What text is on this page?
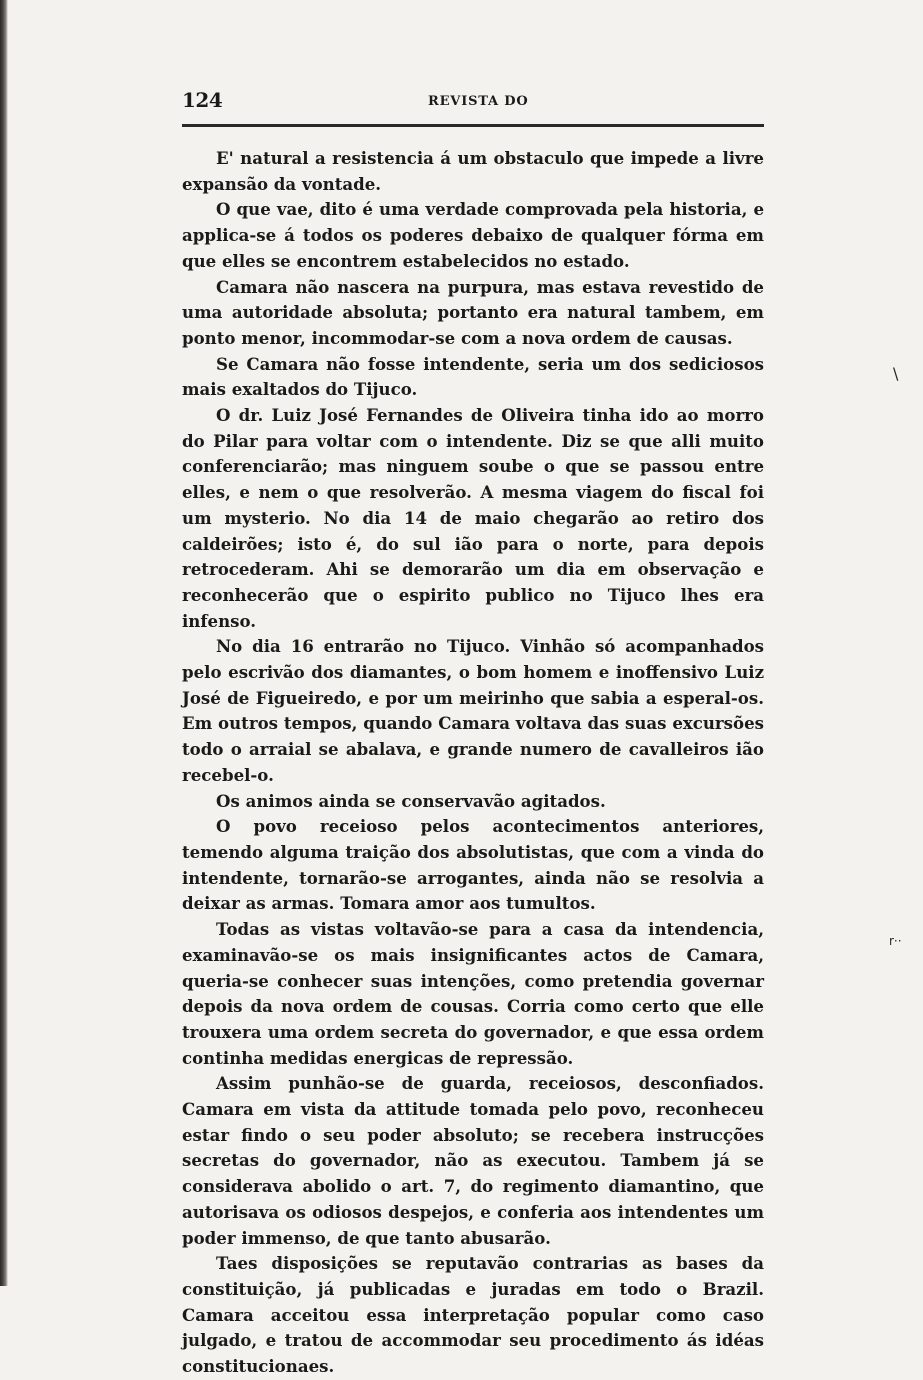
124	REVISTA DO

E' natural a resistencia á um obstaculo que impede a livre expansão da vontade.

O que vae, dito é uma verdade comprovada pela historia, e applica-se á todos os poderes debaixo de qualquer fórma em que elles se encontrem estabelecidos no estado.

Camara não nascera na purpura, mas estava revestido de uma autoridade absoluta; portanto era natural tambem, em ponto menor, incommodar-se com a nova ordem de causas.

Se Camara não fosse intendente, seria um dos sediciosos mais exaltados do Tijuco.

O dr. Luiz José Fernandes de Oliveira tinha ido ao morro do Pilar para voltar com o intendente. Diz se que alli muito conferenciarão; mas ninguem soube o que se passou entre elles, e nem o que resolverão. A mesma viagem do fiscal foi um mysterio. No dia 14 de maio chegarão ao retiro dos caldeirões; isto é, do sul ião para o norte, para depois retrocederam. Ahi se demorarão um dia em observação e reconhecerão que o espirito publico no Tijuco lhes era infenso.

No dia 16 entrarão no Tijuco. Vinhão só acompanhados pelo escrivão dos diamantes, o bom homem e inoffensivo Luiz José de Figueiredo, e por um meirinho que sabia a esperal-os. Em outros tempos, quando Camara voltava das suas excursões todo o arraial se abalava, e grande numero de cavalleiros ião recebel-o.

Os animos ainda se conservavão agitados.

O povo receioso pelos acontecimentos anteriores, temendo alguma traição dos absolutistas, que com a vinda do intendente, tornarão-se arrogantes, ainda não se resolvia a deixar as armas. Tomara amor aos tumultos.

Todas as vistas voltavão-se para a casa da intendencia, examinavão-se os mais insignificantes actos de Camara, queria-se conhecer suas intenções, como pretendia governar depois da nova ordem de cousas. Corria como certo que elle trouxera uma ordem secreta do governador, e que essa ordem continha medidas energicas de repressão.

Assim punhão-se de guarda, receiosos, desconfiados. Camara em vista da attitude tomada pelo povo, reconheceu estar findo o seu poder absoluto; se recebera instrucções secretas do governador, não as executou. Tambem já se considerava abolido o art. 7, do regimento diamantino, que autorisava os odiosos despejos, e conferia aos intendentes um poder immenso, de que tanto abusarão.

Taes disposições se reputavão contrarias as bases da constituição, já publicadas e juradas em todo o Brazil. Camara acceitou essa interpretação popular como caso julgado, e tratou de accommodar seu procedimento ás idéas constitucionaes.

\
r··
